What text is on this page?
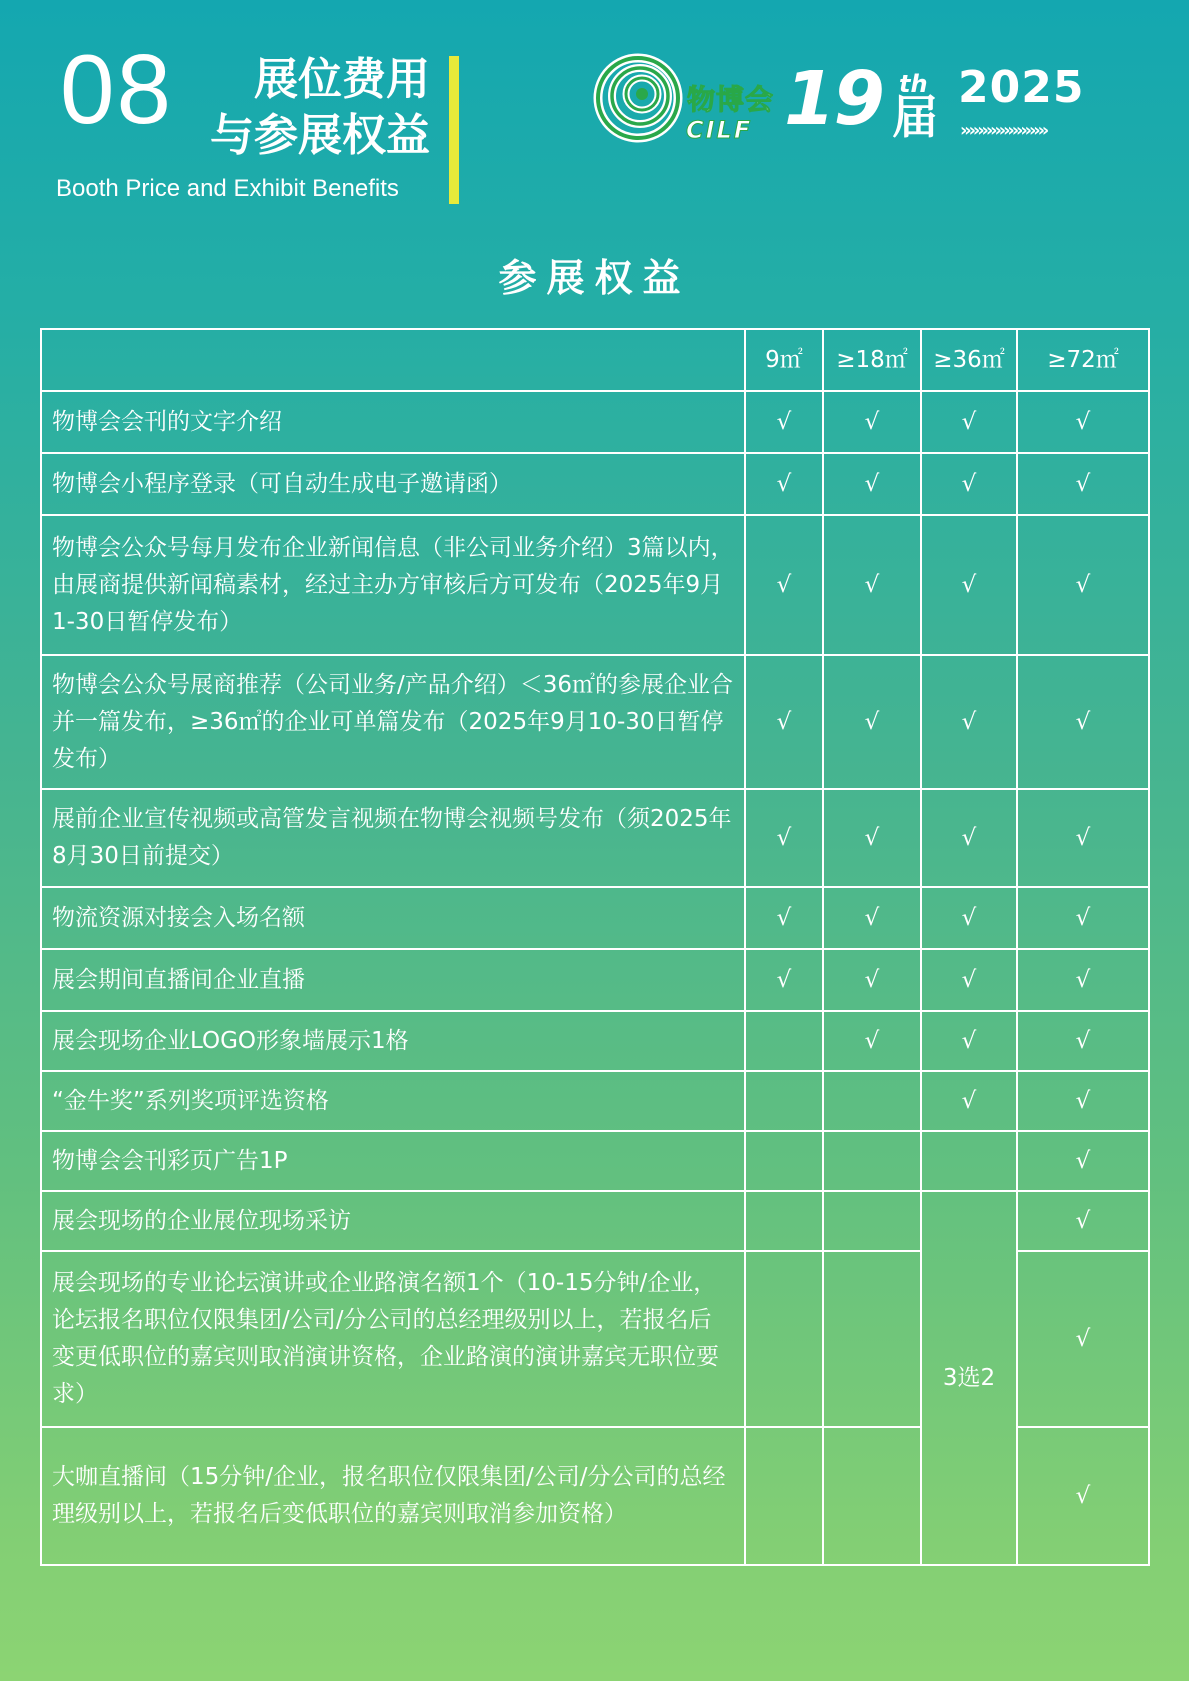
08	展位费用
与参展权益
Booth Price and Exhibit Benefits
物博会
CILF 19 th
届
2025
»»»»»»»»»»
参展权益
	9㎡	≥18㎡	≥36㎡	≥72㎡
物博会会刊的文字介绍	√	√	√	√
物博会小程序登录（可自动生成电子邀请函）	√	√	√	√
物博会公众号每月发布企业新闻信息（非公司业务介绍）3篇以内，由展商提供新闻稿素材，经过主办方审核后方可发布（2025年9月1-30日暂停发布）	√	√	√	√
物博会公众号展商推荐（公司业务/产品介绍）＜36㎡的参展企业合并一篇发布，≥36㎡的企业可单篇发布（2025年9月10-30日暂停发布）	√	√	√	√
展前企业宣传视频或高管发言视频在物博会视频号发布（须2025年8月30日前提交）	√	√	√	√
物流资源对接会入场名额	√	√	√	√
展会期间直播间企业直播	√	√	√	√
展会现场企业LOGO形象墙展示1格		√	√	√
“金牛奖”系列奖项评选资格			√	√
物博会会刊彩页广告1P				√
展会现场的企业展位现场采访			3选2	√
展会现场的专业论坛演讲或企业路演名额1个（10-15分钟/企业，论坛报名职位仅限集团/公司/分公司的总经理级别以上，若报名后变更低职位的嘉宾则取消演讲资格，企业路演的演讲嘉宾无职位要求）				√
大咖直播间（15分钟/企业，报名职位仅限集团/公司/分公司的总经理级别以上，若报名后变低职位的嘉宾则取消参加资格）				√
